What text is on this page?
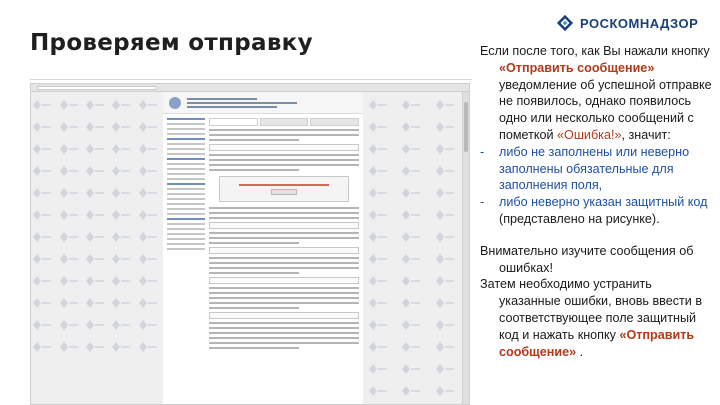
Проверяем отправку
РОСКОМНАДЗОР
Если после того, как Вы нажали кнопку «Отправить сообщение» уведомление об успешной отправке не появилось, однако появилось одно или несколько сообщений с пометкой «Ошибка!», значит:
- либо не заполнены или неверно заполнены обязательные для заполнения поля,
- либо неверно указан защитный код (представлено на рисунке).
Внимательно изучите сообщения об ошибках!
Затем необходимо устранить указанные ошибки, вновь ввести в соответствующее поле защитный код и нажать кнопку «Отправить сообщение» .
